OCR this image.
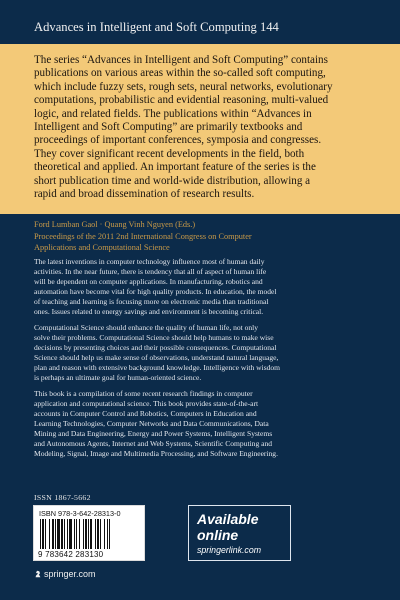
Advances in Intelligent and Soft Computing 144
The series “Advances in Intelligent and Soft Computing” contains
publications on various areas within the so-called soft computing,
which include fuzzy sets, rough sets, neural networks, evolutionary
computations, probabilistic and evidential reasoning, multi-valued
logic, and related fields. The publications within “Advances in
Intelligent and Soft Computing” are primarily textbooks and
proceedings of important conferences, symposia and congresses.
They cover significant recent developments in the field, both
theoretical and applied. An important feature of the series is the
short publication time and world-wide distribution, allowing a
rapid and broad dissemination of research results.
Ford Lumban Gaol · Quang Vinh Nguyen (Eds.)
Proceedings of the 2011 2nd International Congress on Computer
Applications and Computational Science
The latest inventions in computer technology influence most of human daily
activities. In the near future, there is tendency that all of aspect of human life
will be dependent on computer applications. In manufacturing, robotics and
automation have become vital for high quality products. In education, the model
of teaching and learning is focusing more on electronic media than traditional
ones. Issues related to energy savings and environment is becoming critical.
Computational Science should enhance the quality of human life, not only
solve their problems. Computational Science should help humans to make wise
decisions by presenting choices and their possible consequences. Computational
Science should help us make sense of observations, understand natural language,
plan and reason with extensive background knowledge. Intelligence with wisdom
is perhaps an ultimate goal for human-oriented science.
This book is a compilation of some recent research findings in computer
application and computational science. This book provides state-of-the-art
accounts in Computer Control and Robotics, Computers in Education and
Learning Technologies, Computer Networks and Data Communications, Data
Mining and Data Engineering, Energy and Power Systems, Intelligent Systems
and Autonomous Agents, Internet and Web Systems, Scientific Computing and
Modeling, Signal, Image and Multimedia Processing, and Software Engineering.
ISSN 1867-5662
ISBN 978-3-642-28313-0
9 783642 283130
Available
online
springerlink.com
springer.com
